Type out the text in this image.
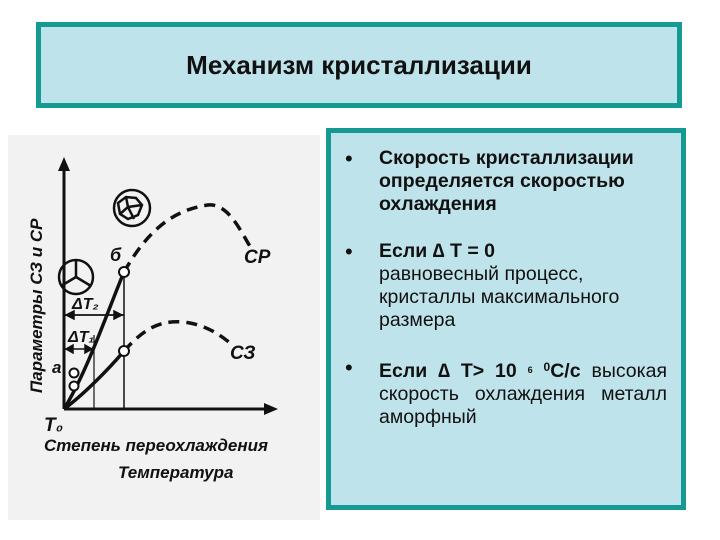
Механизм кристаллизации
Параметры СЗ и СР
T₀
Степень переохлаждения
Температура
СР
СЗ
ΔT₂
ΔT₁
a
б
•	Скорость кристаллизации определяется скоростью охлаждения
•	Если ∆ T = 0
равновесный процесс, кристаллы максимального размера
•	Если ∆ T> 10 $^6$ $^0$С/с высокая скорость охлаждения металл аморфный
